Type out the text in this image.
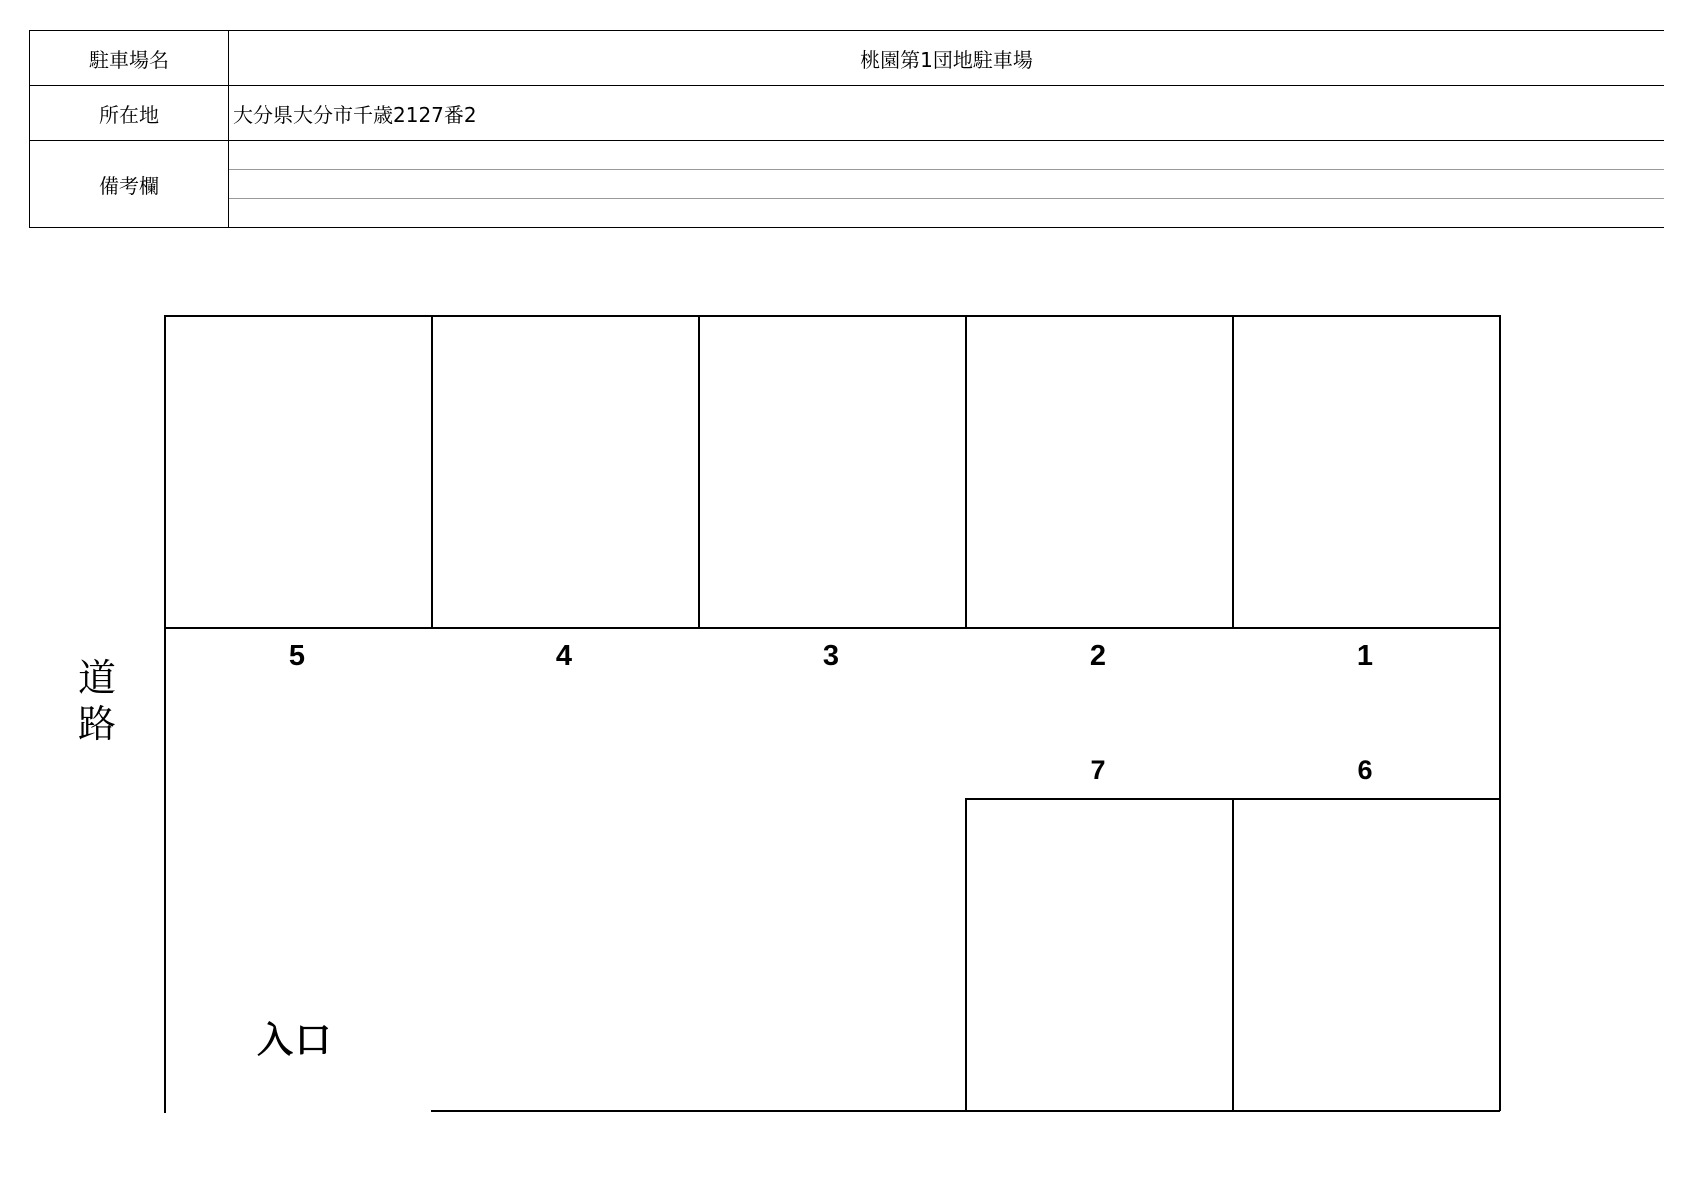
駐車場名	桃園第1団地駐車場
所在地	大分県大分市千歳2127番2
備考欄	
5	4	3	2	1
7	6
道路
入口
